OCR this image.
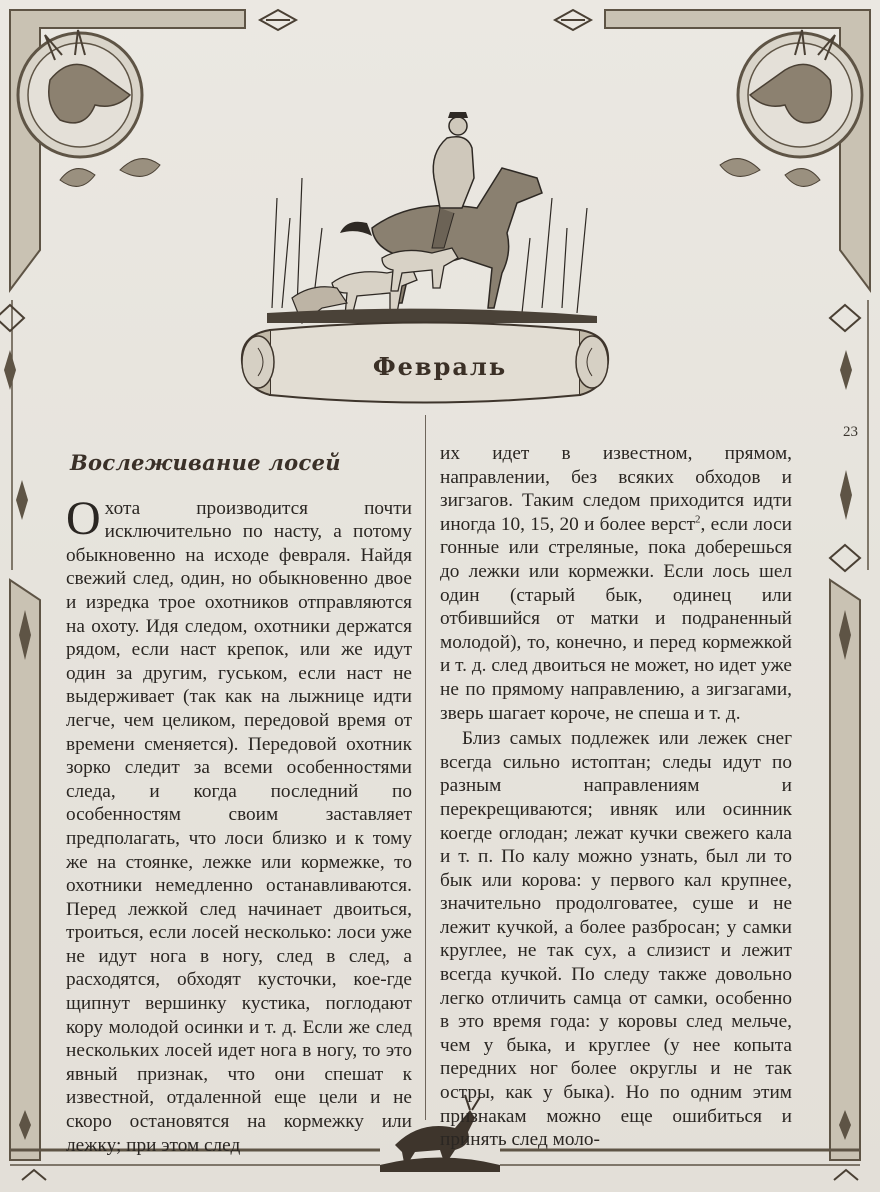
Февраль
23
Вослеживание лосей

Охота производится почти исключительно по насту, а потому обыкновенно на исходе февраля. Найдя свежий след, один, но обыкновенно двое и изредка трое охотников отправляются на охоту. Идя следом, охотники держатся рядом, если наст крепок, или же идут один за другим, гуськом, если наст не выдерживает (так как на лыжнице идти легче, чем целиком, передовой время от времени сменяется). Передовой охотник зорко следит за всеми особенностями следа, и когда последний по особенностям своим заставляет предполагать, что лоси близко и к тому же на стоянке, лежке или кормежке, то охотники немедленно останавливаются. Перед лежкой след начинает двоиться, троиться, если лосей несколько: лоси уже не идут нога в ногу, след в след, а расходятся, обходят кусточки, кое-где щипнут вершинку кустика, поглодают кору молодой осинки и т. д. Если же след нескольких лосей идет нога в ногу, то это явный признак, что они спешат к известной, отдаленной еще цели и не скоро остановятся на кормежку или лежку; при этом след

их идет в известном, прямом, направлении, без всяких обходов и зигзагов. Таким следом приходится идти иногда 10, 15, 20 и более верст$^2$, если лоси гонные или стреляные, пока доберешься до лежки или кормежки. Если лось шел один (старый бык, одинец или отбившийся от матки и подраненный молодой), то, конечно, и перед кормежкой и т. д. след двоиться не может, но идет уже не по прямому направлению, а зигзагами, зверь шагает короче, не спеша и т. д.

Близ самых подлежек или лежек снег всегда сильно истоптан; следы идут по разным направлениям и перекрещиваются; ивняк или осинник коегде оглодан; лежат кучки свежего кала и т. п. По калу можно узнать, был ли то бык или корова: у первого кал крупнее, значительно продолговатее, суше и не лежит кучкой, а более разбросан; у самки круглее, не так сух, а слизист и лежит всегда кучкой. По следу также довольно легко отличить самца от самки, особенно в это время года: у коровы след мельче, чем у быка, и круглее (у нее копыта передних ног более округлы и не так остры, как у быка). Но по одним этим признакам можно еще ошибиться и принять след моло-
